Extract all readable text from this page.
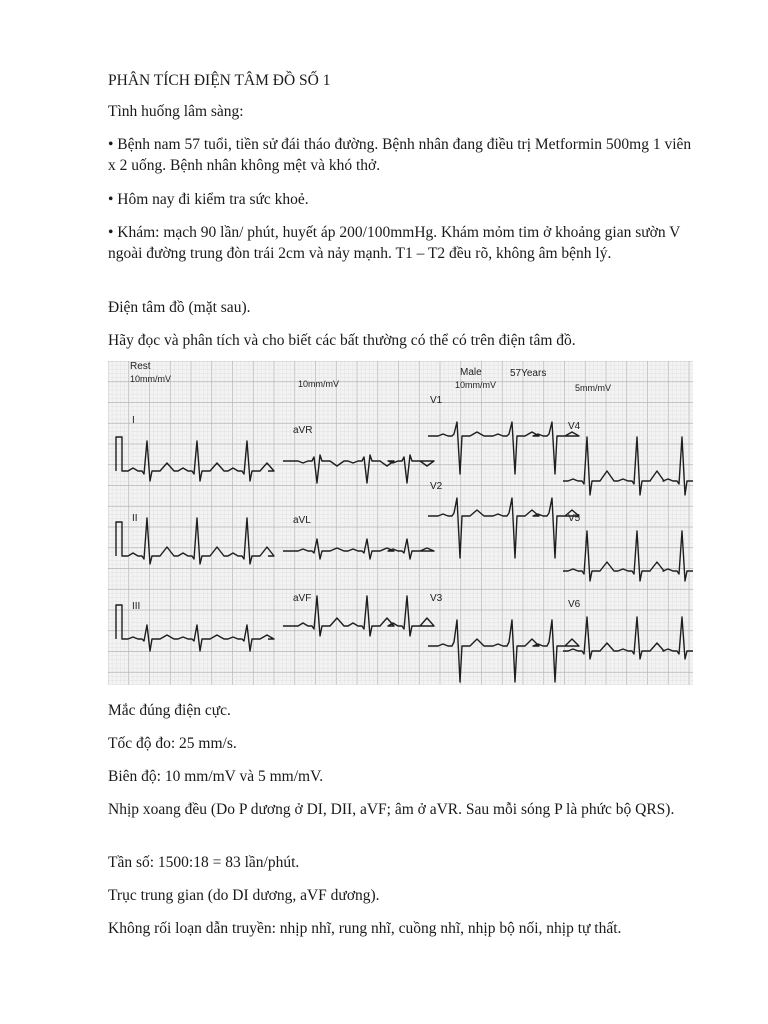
PHÂN TÍCH ĐIỆN TÂM ĐỒ SỐ 1

Tình huống lâm sàng:

• Bệnh nam 57 tuổi, tiền sử đái tháo đường. Bệnh nhân đang điều trị Metformin 500mg 1 viên x 2 uống. Bệnh nhân không mệt và khó thở.

• Hôm nay đi kiểm tra sức khoẻ.

• Khám: mạch 90 lần/ phút, huyết áp 200/100mmHg. Khám mỏm tim ở khoảng gian sườn V ngoài đường trung đòn trái 2cm và nảy mạnh. T1 – T2 đều rõ, không âm bệnh lý.

Điện tâm đồ (mặt sau).

Hãy đọc và phân tích và cho biết các bất thường có thể có trên điện tâm đồ.

Rest
10mm/mV	10mm/mV	10mm/mV
Male	57Years
5mm/mV
I
II
III
aVR
aVL
aVF
V1
V2
V3
V4
V5
V6

Mắc đúng điện cực.

Tốc độ đo: 25 mm/s.

Biên độ: 10 mm/mV và 5 mm/mV.

Nhịp xoang đều (Do P dương ở DI, DII, aVF; âm ở aVR. Sau mỗi sóng P là phức bộ QRS).

Tần số: 1500:18 = 83 lần/phút.

Trục trung gian (do DI dương, aVF dương).

Không rối loạn dẫn truyền: nhịp nhĩ, rung nhĩ, cuồng nhĩ, nhịp bộ nối, nhịp tự thất.
